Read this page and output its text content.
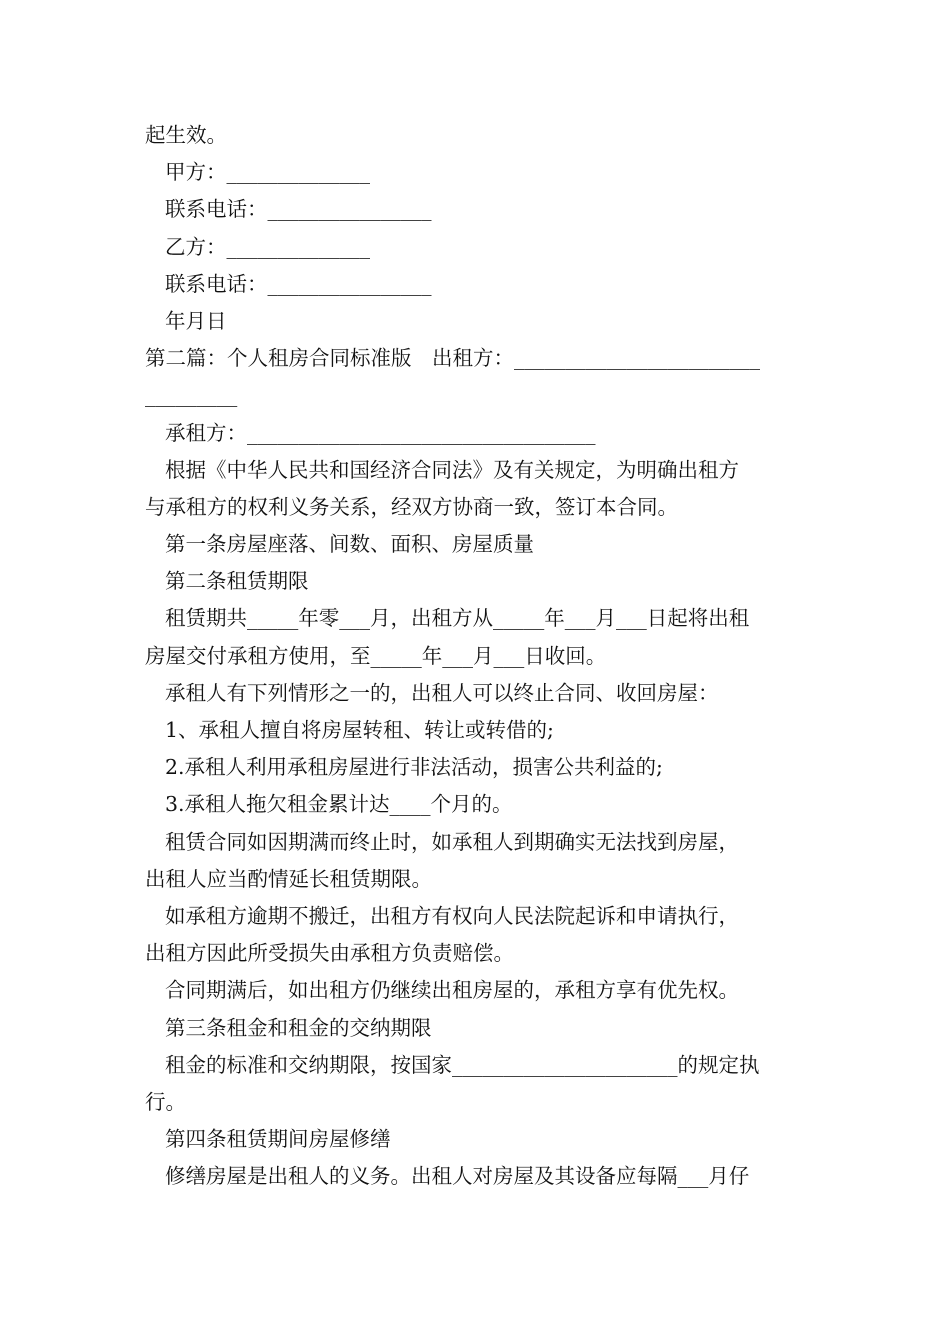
起生效。
甲方：______________
联系电话：________________
乙方：______________
联系电话：________________
年月日
第二篇：个人租房合同标准版　出租方：________________________
_________
承租方：__________________________________
根据《中华人民共和国经济合同法》及有关规定，为明确出租方
与承租方的权利义务关系，经双方协商一致，签订本合同。
第一条房屋座落、间数、面积、房屋质量
第二条租赁期限
租赁期共_____年零___月，出租方从_____年___月___日起将出租
房屋交付承租方使用，至_____年___月___日收回。
承租人有下列情形之一的，出租人可以终止合同、收回房屋：
1、承租人擅自将房屋转租、转让或转借的;
2.承租人利用承租房屋进行非法活动，损害公共利益的;
3.承租人拖欠租金累计达____个月的。
租赁合同如因期满而终止时，如承租人到期确实无法找到房屋，
出租人应当酌情延长租赁期限。
如承租方逾期不搬迁，出租方有权向人民法院起诉和申请执行，
出租方因此所受损失由承租方负责赔偿。
合同期满后，如出租方仍继续出租房屋的，承租方享有优先权。
第三条租金和租金的交纳期限
租金的标准和交纳期限，按国家______________________的规定执
行。
第四条租赁期间房屋修缮
修缮房屋是出租人的义务。出租人对房屋及其设备应每隔___月仔
